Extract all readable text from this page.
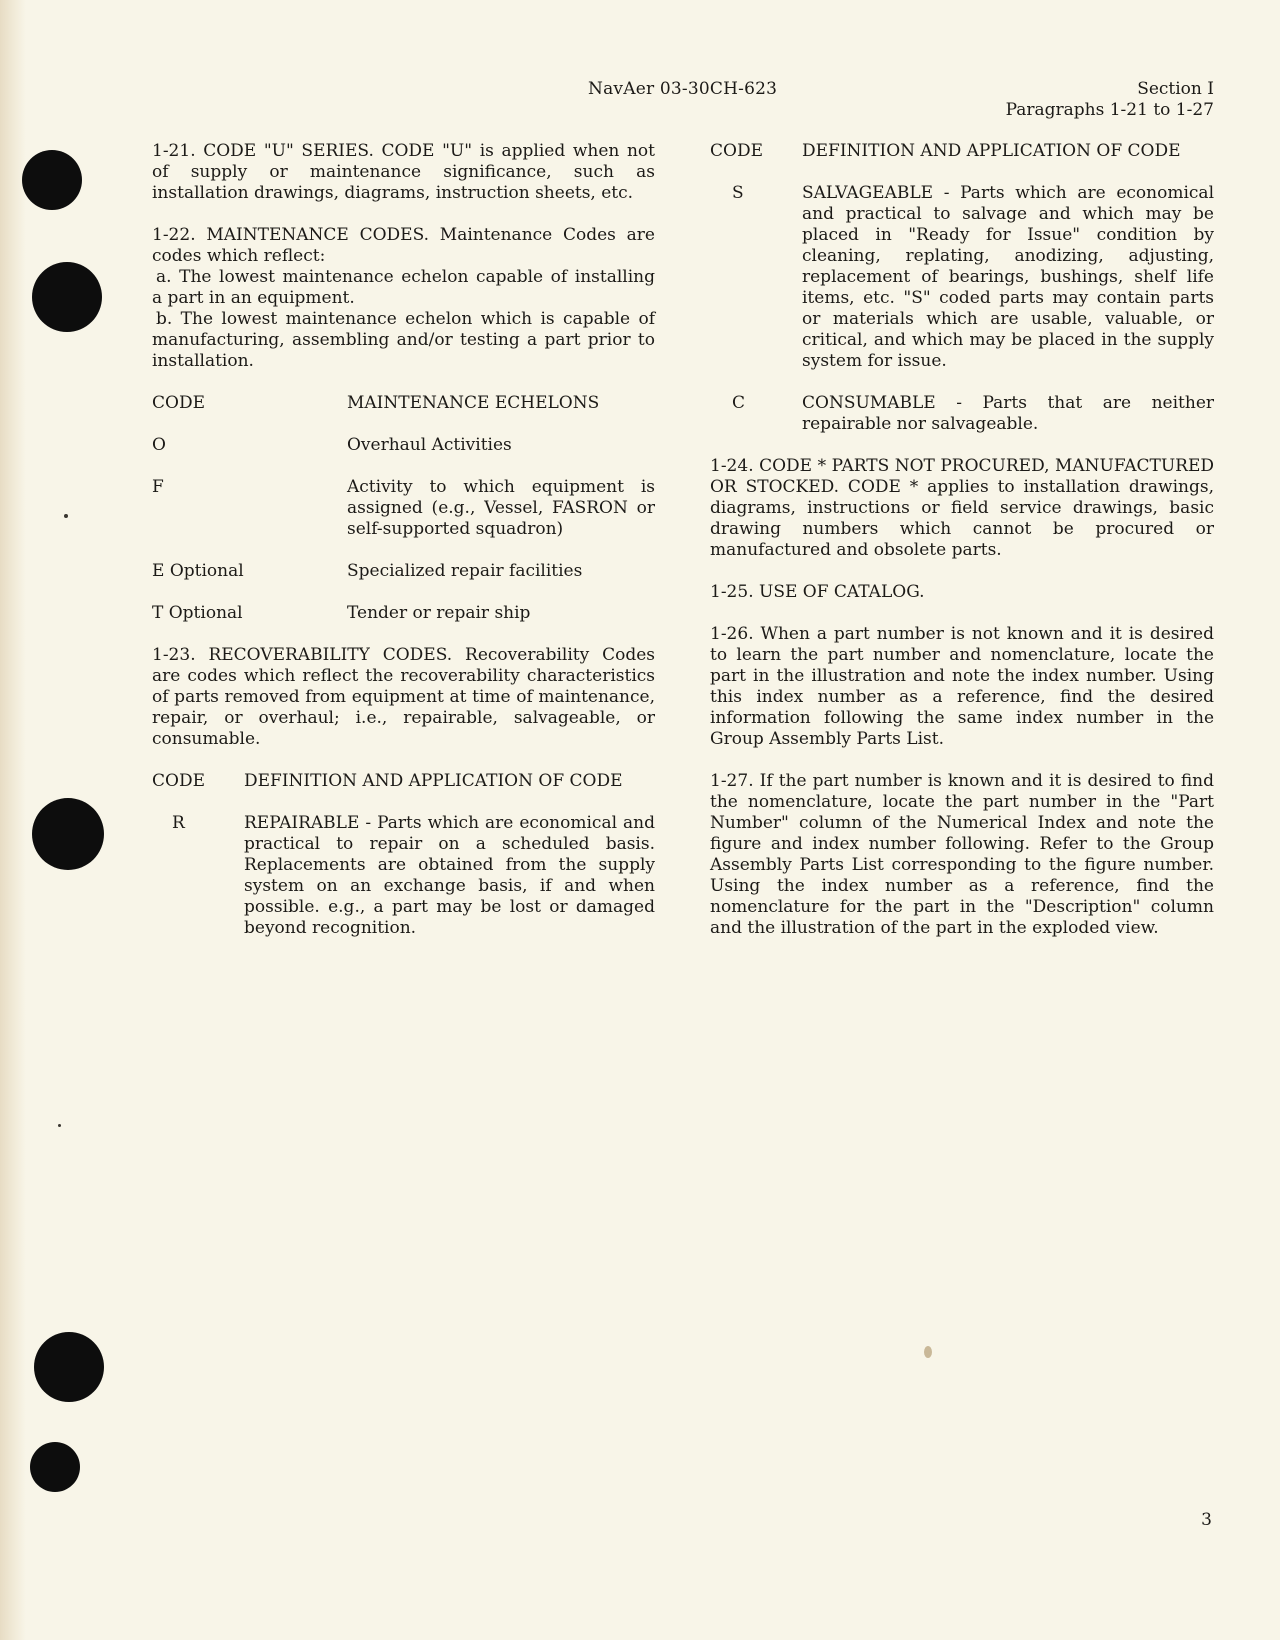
NavAer 03-30CH-623	Section I
Paragraphs 1-21 to 1-27

1-21. CODE "U" SERIES. CODE "U" is applied when not of supply or maintenance significance, such as installation drawings, diagrams, instruction sheets, etc.

1-22. MAINTENANCE CODES. Maintenance Codes are codes which reflect:

a. The lowest maintenance echelon capable of installing a part in an equipment.

b. The lowest maintenance echelon which is capable of manufacturing, assembling and/or testing a part prior to installation.

CODE	MAINTENANCE ECHELONS
O	Overhaul Activities
F	Activity to which equipment is assigned (e.g., Vessel, FASRON or self-supported squadron)
E Optional	Specialized repair facilities
T Optional	Tender or repair ship

1-23. RECOVERABILITY CODES. Recoverability Codes are codes which reflect the recoverability characteristics of parts removed from equipment at time of maintenance, repair, or overhaul; i.e., repairable, salvageable, or consumable.

CODE	DEFINITION AND APPLICATION OF CODE
R	REPAIRABLE - Parts which are economical and practical to repair on a scheduled basis. Replacements are obtained from the supply system on an exchange basis, if and when possible. e.g., a part may be lost or damaged beyond recognition.
CODE	DEFINITION AND APPLICATION OF CODE
S	SALVAGEABLE - Parts which are economical and practical to salvage and which may be placed in "Ready for Issue" condition by cleaning, replating, anodizing, adjusting, replacement of bearings, bushings, shelf life items, etc. "S" coded parts may contain parts or materials which are usable, valuable, or critical, and which may be placed in the supply system for issue.
C	CONSUMABLE - Parts that are neither repairable nor salvageable.

1-24. CODE * PARTS NOT PROCURED, MANUFACTURED OR STOCKED. CODE * applies to installation drawings, diagrams, instructions or field service drawings, basic drawing numbers which cannot be procured or manufactured and obsolete parts.

1-25. USE OF CATALOG.

1-26. When a part number is not known and it is desired to learn the part number and nomenclature, locate the part in the illustration and note the index number. Using this index number as a reference, find the desired information following the same index number in the Group Assembly Parts List.

1-27. If the part number is known and it is desired to find the nomenclature, locate the part number in the "Part Number" column of the Numerical Index and note the figure and index number following. Refer to the Group Assembly Parts List corresponding to the figure number. Using the index number as a reference, find the nomenclature for the part in the "Description" column and the illustration of the part in the exploded view.

3
